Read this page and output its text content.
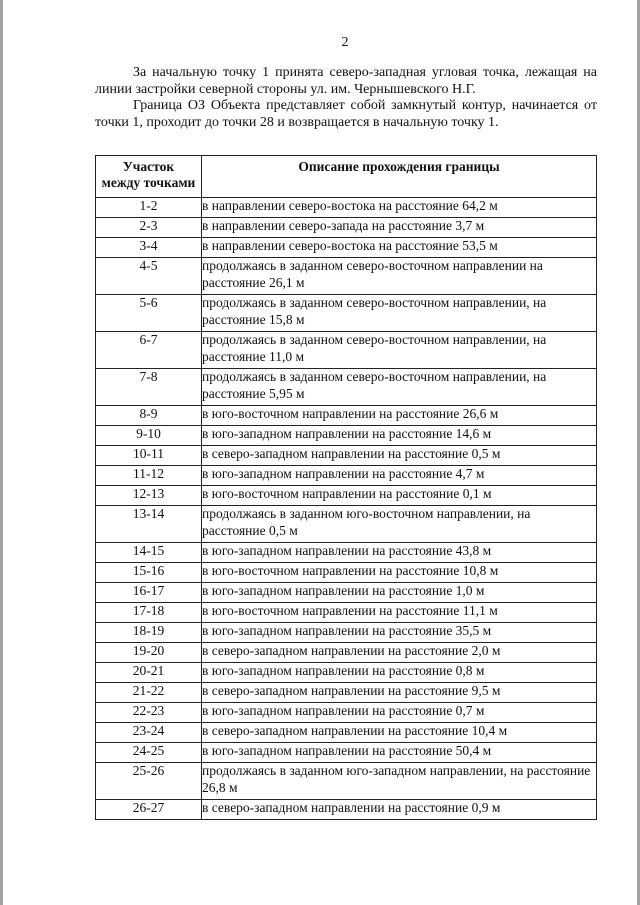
2

За начальную точку 1 принята северо-западная угловая точка, лежащая на линии застройки северной стороны ул. им. Чернышевского Н.Г.

Граница ОЗ Объекта представляет собой замкнутый контур, начинается от точки 1, проходит до точки 28 и возвращается в начальную точку 1.

Участок
между точками	Описание прохождения границы
1-2	в направлении северо-востока на расстояние 64,2 м
2-3	в направлении северо-запада на расстояние 3,7 м
3-4	в направлении северо-востока на расстояние 53,5 м
4-5	продолжаясь в заданном северо-восточном направлении на расстояние 26,1 м
5-6	продолжаясь в заданном северо-восточном направлении, на расстояние 15,8 м
6-7	продолжаясь в заданном северо-восточном направлении, на расстояние 11,0 м
7-8	продолжаясь в заданном северо-восточном направлении, на расстояние 5,95 м
8-9	в юго-восточном направлении на расстояние 26,6 м
9-10	в юго-западном направлении на расстояние 14,6 м
10-11	в северо-западном направлении на расстояние 0,5 м
11-12	в юго-западном направлении на расстояние 4,7 м
12-13	в юго-восточном направлении на расстояние 0,1 м
13-14	продолжаясь в заданном юго-восточном направлении, на расстояние 0,5 м
14-15	в юго-западном направлении на расстояние 43,8 м
15-16	в юго-восточном направлении на расстояние 10,8 м
16-17	в юго-западном направлении на расстояние 1,0 м
17-18	в юго-восточном направлении на расстояние 11,1 м
18-19	в юго-западном направлении на расстояние 35,5 м
19-20	в северо-западном направлении на расстояние 2,0 м
20-21	в юго-западном направлении на расстояние 0,8 м
21-22	в северо-западном направлении на расстояние 9,5 м
22-23	в юго-западном направлении на расстояние 0,7 м
23-24	в северо-западном направлении на расстояние 10,4 м
24-25	в юго-западном направлении на расстояние 50,4 м
25-26	продолжаясь в заданном юго-западном направлении, на расстояние 26,8 м
26-27	в северо-западном направлении на расстояние 0,9 м
